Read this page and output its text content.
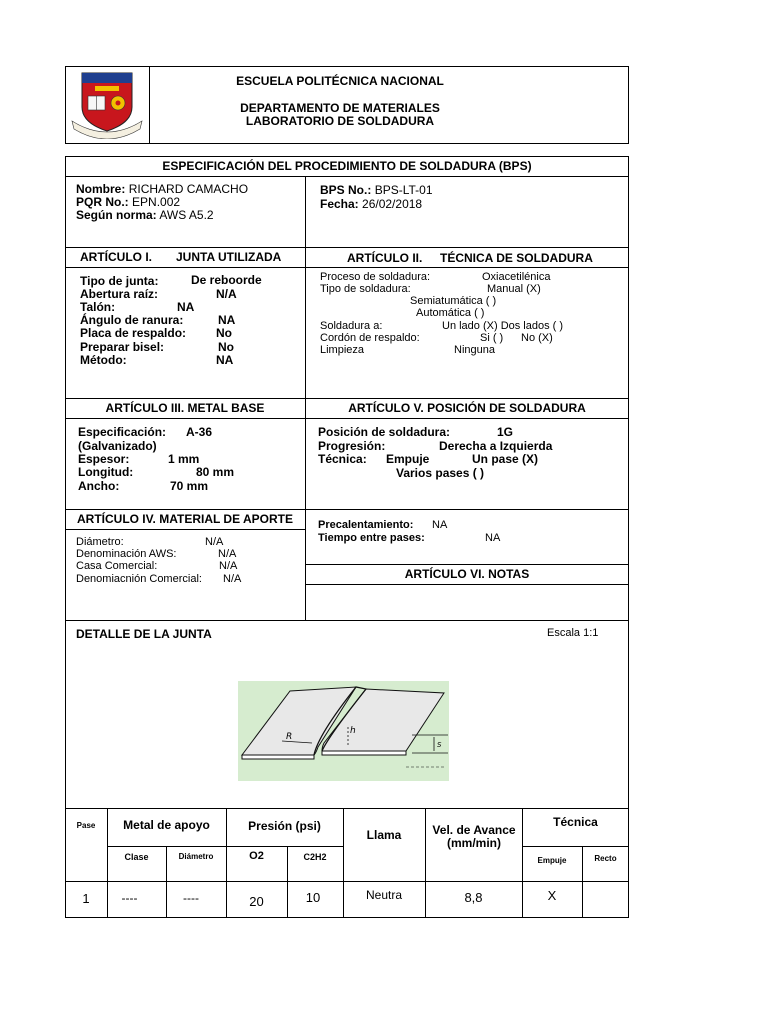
ESCUELA POLITÉCNICA NACIONAL
DEPARTAMENTO DE MATERIALES
LABORATORIO DE SOLDADURA
ESPECIFICACIÓN DEL PROCEDIMIENTO DE SOLDADURA (BPS)
Nombre: RICHARD CAMACHO
PQR No.: EPN.002
Según norma: AWS A5.2
BPS No.: BPS-LT-01
Fecha: 26/02/2018
ARTÍCULO I. JUNTA UTILIZADA
Tipo de junta:	De reboorde
Abertura raíz:	N/A
Talón:	NA
Ángulo de ranura:	NA
Placa de respaldo: No
Preparar bisel:	No
Método:	NA
ARTÍCULO II. TÉCNICA DE SOLDADURA
Proceso de soldadura:	Oxiacetilénica
Tipo de soldadura:	Manual (X)
Semiatumática ( )
Automática ( )
Soldadura a:	Un lado (X) Dos lados ( )
Cordón de respaldo:	Si ( ) No (X)
Limpieza	Ninguna
ARTÍCULO III. METAL BASE
Especificación: A-36
(Galvanizado)
Espesor:	1 mm
Longitud:	80 mm
Ancho:	70 mm
ARTÍCULO V. POSICIÓN DE SOLDADURA
Posición de soldadura:	1G
Progresión:	Derecha a Izquierda
Técnica: Empuje	Un pase (X)
Varios pases ( )
ARTÍCULO IV. MATERIAL DE APORTE
Diámetro:	N/A
Denominación AWS:	N/A
Casa Comercial:	N/A
Denomiacnión Comercial: N/A
Precalentamiento: NA
Tiempo entre pases:	NA
ARTÍCULO VI. NOTAS
DETALLE DE LA JUNTA	Escala 1:1
R
h
S
Pase	Metal de apoyo	Presión (psi)
Llama	Vel. de Avance (mm/min)
Técnica
Clase	Diámetro	O2	C2H2	Empuje	Recto
1	----	----	20	10	Neutra	8,8	X
